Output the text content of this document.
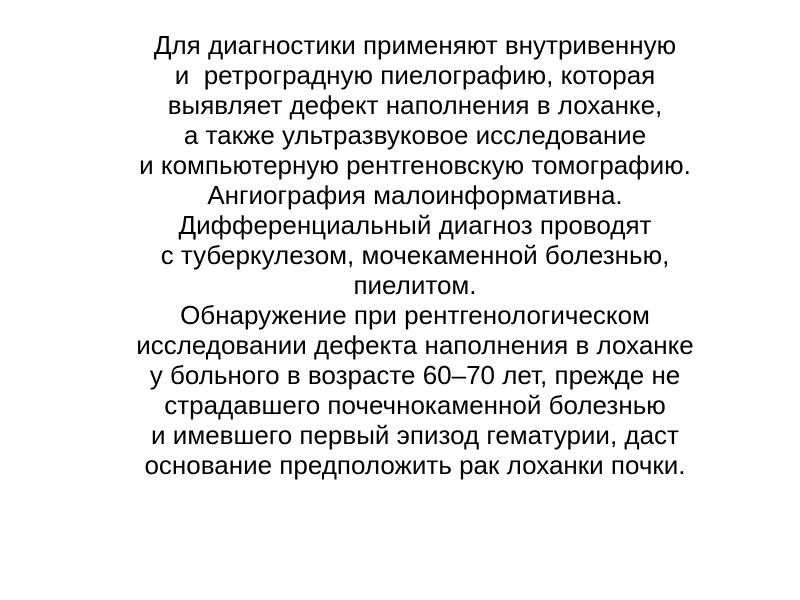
Для диагностики применяют внутривенную
и  ретроградную пиелографию, которая
выявляет дефект наполнения в лоханке,
а также ультразвуковое исследование
и компьютерную рентгеновскую томографию.
Ангиография малоинформативна.
Дифференциальный диагноз проводят
с туберкулезом, мочекаменной болезнью,
пиелитом.
Обнаружение при рентгенологическом
исследовании дефекта наполнения в лоханке
у больного в возрасте 60–70 лет, прежде не
страдавшего почечнокаменной болезнью
и имевшего первый эпизод гематурии, даст
основание предположить рак лоханки почки.
